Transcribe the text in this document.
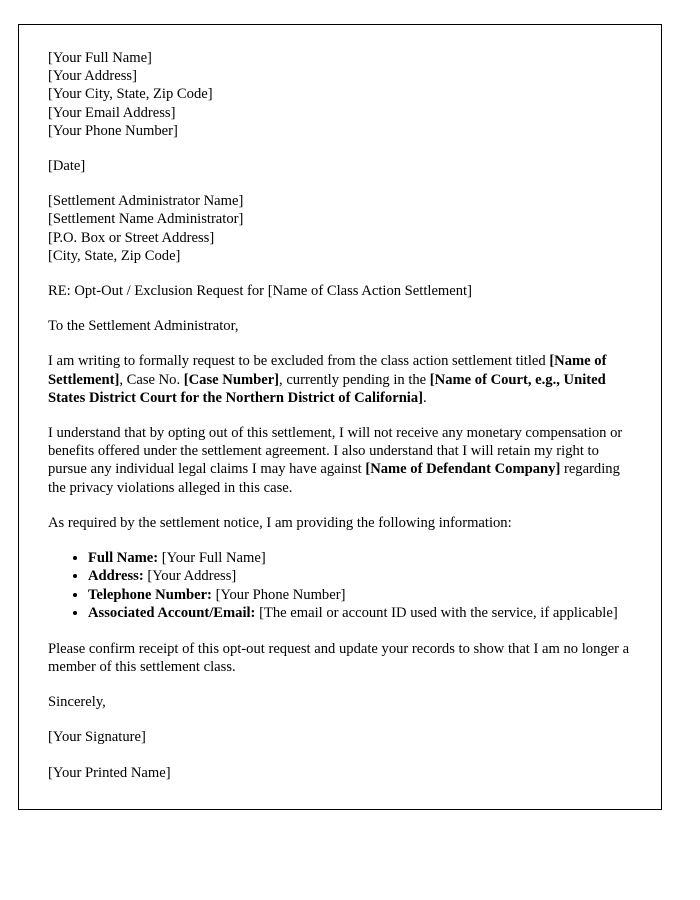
[Your Full Name]

[Your Address]

[Your City, State, Zip Code]

[Your Email Address]

[Your Phone Number]

[Date]

[Settlement Administrator Name]

[Settlement Name Administrator]

[P.O. Box or Street Address]

[City, State, Zip Code]

RE: Opt-Out / Exclusion Request for [Name of Class Action Settlement]

To the Settlement Administrator,

I am writing to formally request to be excluded from the class action settlement titled [Name of Settlement], Case No. [Case Number], currently pending in the [Name of Court, e.g., United States District Court for the Northern District of California].

I understand that by opting out of this settlement, I will not receive any monetary compensation or benefits offered under the settlement agreement. I also understand that I will retain my right to pursue any individual legal claims I may have against [Name of Defendant Company] regarding the privacy violations alleged in this case.

As required by the settlement notice, I am providing the following information:

• Full Name: [Your Full Name]
• Address: [Your Address]
• Telephone Number: [Your Phone Number]
• Associated Account/Email: [The email or account ID used with the service, if applicable]

Please confirm receipt of this opt-out request and update your records to show that I am no longer a member of this settlement class.

Sincerely,

[Your Signature]

[Your Printed Name]
